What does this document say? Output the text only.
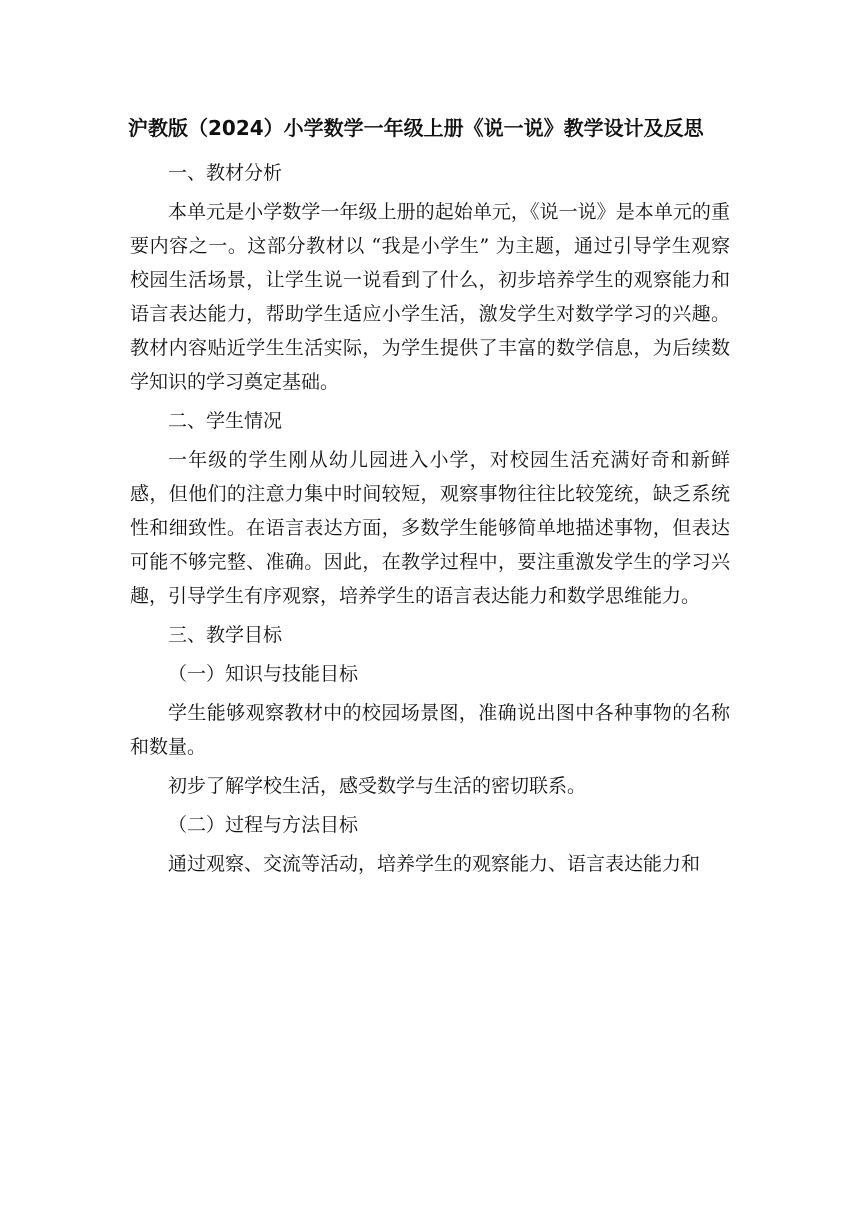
沪教版（2024）小学数学一年级上册《说一说》教学设计及反思

一、教材分析

本单元是小学数学一年级上册的起始单元，《说一说》是本单元的重要内容之一。这部分教材以 “我是小学生” 为主题，通过引导学生观察校园生活场景，让学生说一说看到了什么，初步培养学生的观察能力和语言表达能力，帮助学生适应小学生活，激发学生对数学学习的兴趣。教材内容贴近学生生活实际，为学生提供了丰富的数学信息，为后续数学知识的学习奠定基础。

二、学生情况

一年级的学生刚从幼儿园进入小学，对校园生活充满好奇和新鲜感，但他们的注意力集中时间较短，观察事物往往比较笼统，缺乏系统性和细致性。在语言表达方面，多数学生能够简单地描述事物，但表达可能不够完整、准确。因此，在教学过程中，要注重激发学生的学习兴趣，引导学生有序观察，培养学生的语言表达能力和数学思维能力。

三、教学目标

（一）知识与技能目标

学生能够观察教材中的校园场景图，准确说出图中各种事物的名称和数量。

初步了解学校生活，感受数学与生活的密切联系。

（二）过程与方法目标

通过观察、交流等活动，培养学生的观察能力、语言表达能力和
